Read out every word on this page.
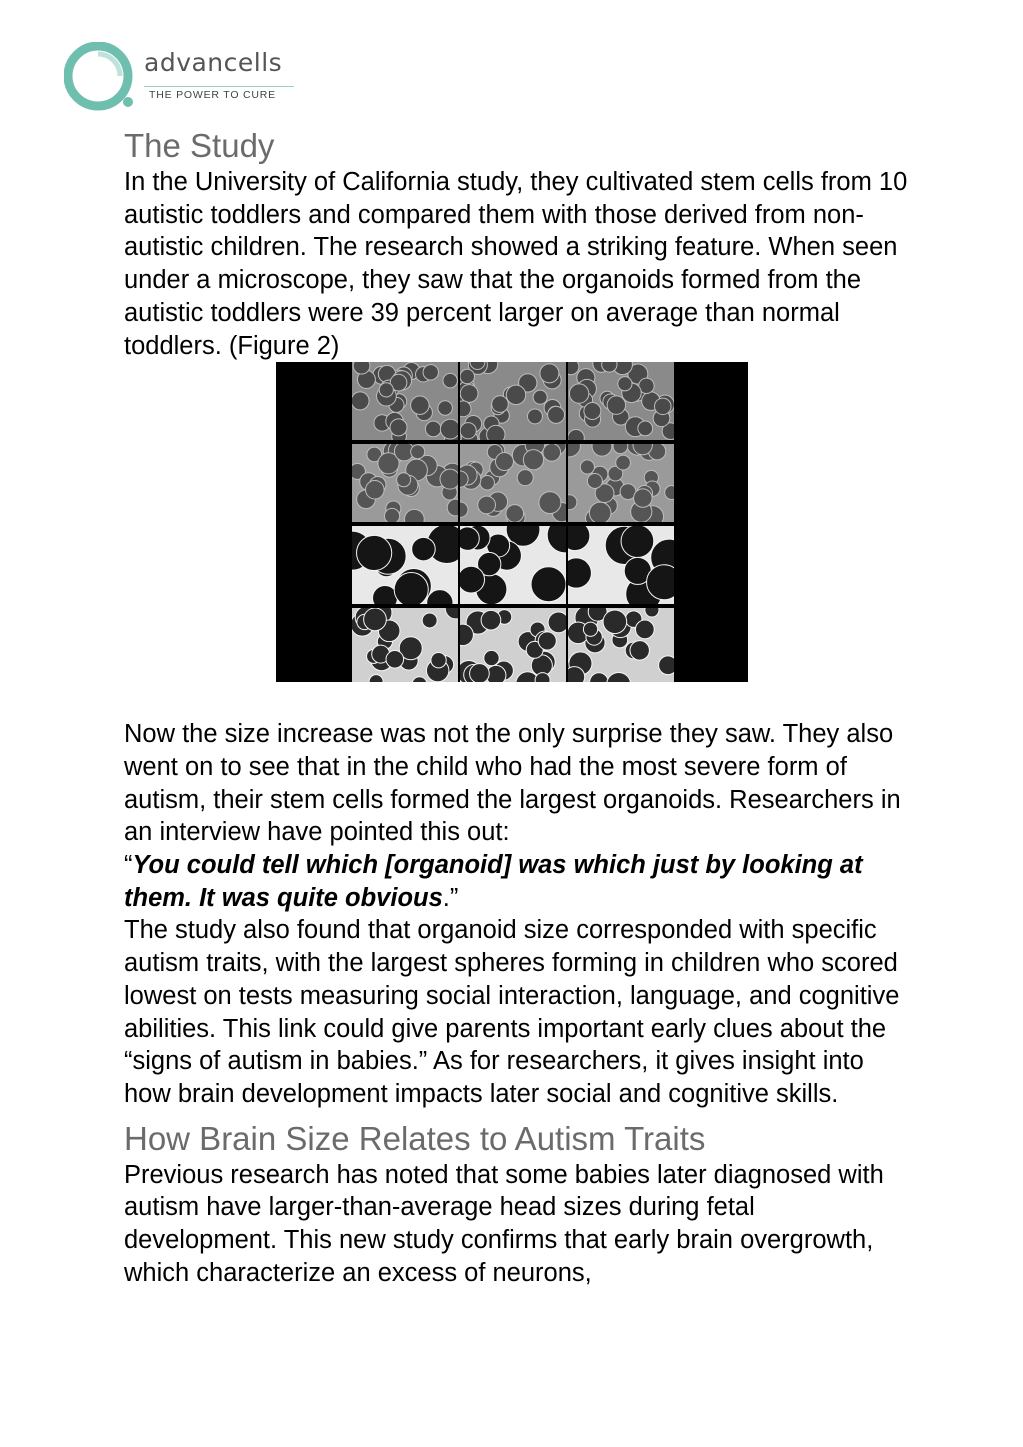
advancells
THE POWER TO CURE
The Study

In the University of California study, they cultivated stem cells from 10 autistic toddlers and compared them with those derived from non-autistic children. The research showed a striking feature. When seen under a microscope, they saw that the organoids formed from the autistic toddlers were 39 percent larger on average than normal toddlers. (Figure 2)

Now the size increase was not the only surprise they saw. They also went on to see that in the child who had the most severe form of autism, their stem cells formed the largest organoids. Researchers in an interview have pointed this out:
“You could tell which [organoid] was which just by looking at them. It was quite obvious.”

The study also found that organoid size corresponded with specific autism traits, with the largest spheres forming in children who scored lowest on tests measuring social interaction, language, and cognitive abilities. This link could give parents important early clues about the “signs of autism in babies.” As for researchers, it gives insight into how brain development impacts later social and cognitive skills.

How Brain Size Relates to Autism Traits

Previous research has noted that some babies later diagnosed with autism have larger-than-average head sizes during fetal development. This new study confirms that early brain overgrowth, which characterize an excess of neurons,
